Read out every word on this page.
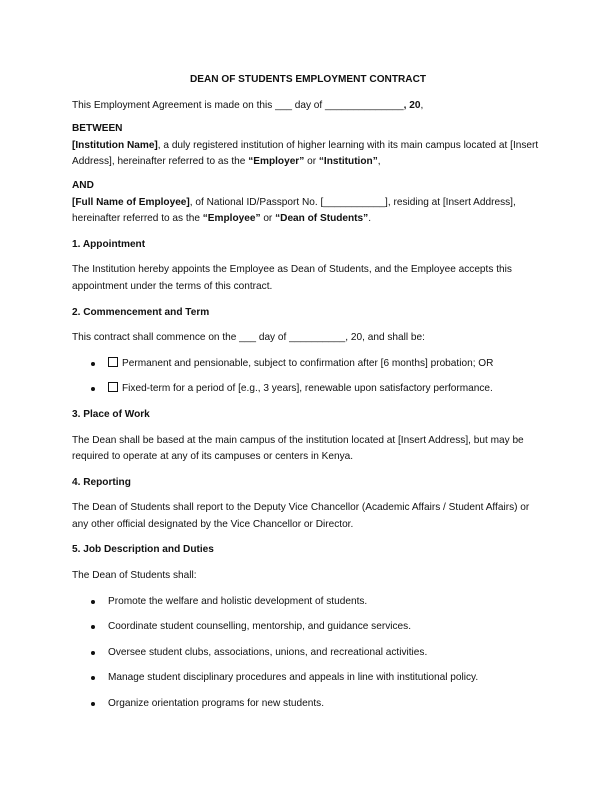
DEAN OF STUDENTS EMPLOYMENT CONTRACT

This Employment Agreement is made on this ___ day of ______________, 20,

BETWEEN

[Institution Name], a duly registered institution of higher learning with its main campus located at [Insert Address], hereinafter referred to as the “Employer” or “Institution”,

AND

[Full Name of Employee], of National ID/Passport No. [___________], residing at [Insert Address], hereinafter referred to as the “Employee” or “Dean of Students”.

1. Appointment

The Institution hereby appoints the Employee as Dean of Students, and the Employee accepts this appointment under the terms of this contract.

2. Commencement and Term

This contract shall commence on the ___ day of __________, 20, and shall be:

Permanent and pensionable, subject to confirmation after [6 months] probation; OR
Fixed-term for a period of [e.g., 3 years], renewable upon satisfactory performance.

3. Place of Work

The Dean shall be based at the main campus of the institution located at [Insert Address], but may be required to operate at any of its campuses or centers in Kenya.

4. Reporting

The Dean of Students shall report to the Deputy Vice Chancellor (Academic Affairs / Student Affairs) or any other official designated by the Vice Chancellor or Director.

5. Job Description and Duties

The Dean of Students shall:

Promote the welfare and holistic development of students.
Coordinate student counselling, mentorship, and guidance services.
Oversee student clubs, associations, unions, and recreational activities.
Manage student disciplinary procedures and appeals in line with institutional policy.
Organize orientation programs for new students.
